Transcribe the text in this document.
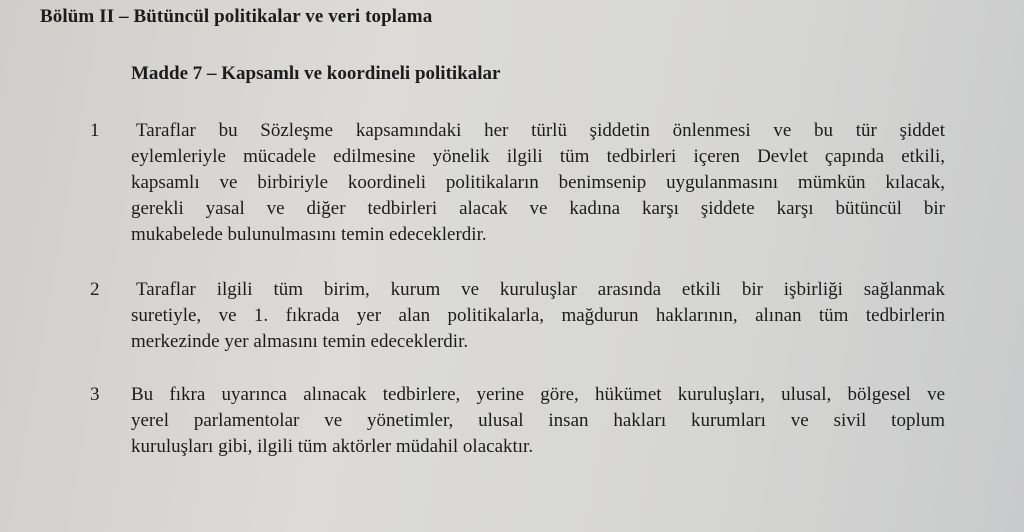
Bölüm II – Bütüncül politikalar ve veri toplama
Madde 7 – Kapsamlı ve koordineli politikalar
1 Taraflar bu Sözleşme kapsamındaki her türlü şiddetin önlenmesi ve bu tür şiddet
eylemleriyle mücadele edilmesine yönelik ilgili tüm tedbirleri içeren Devlet çapında etkili,
kapsamlı ve birbiriyle koordineli politikaların benimsenip uygulanmasını mümkün kılacak,
gerekli yasal ve diğer tedbirleri alacak ve kadına karşı şiddete karşı bütüncül bir
mukabelede bulunulmasını temin edeceklerdir.
2 Taraflar ilgili tüm birim, kurum ve kuruluşlar arasında etkili bir işbirliği sağlanmak
suretiyle, ve 1. fıkrada yer alan politikalarla, mağdurun haklarının, alınan tüm tedbirlerin
merkezinde yer almasını temin edeceklerdir.
3 Bu fıkra uyarınca alınacak tedbirlere, yerine göre, hükümet kuruluşları, ulusal, bölgesel ve
yerel parlamentolar ve yönetimler, ulusal insan hakları kurumları ve sivil toplum
kuruluşları gibi, ilgili tüm aktörler müdahil olacaktır.
